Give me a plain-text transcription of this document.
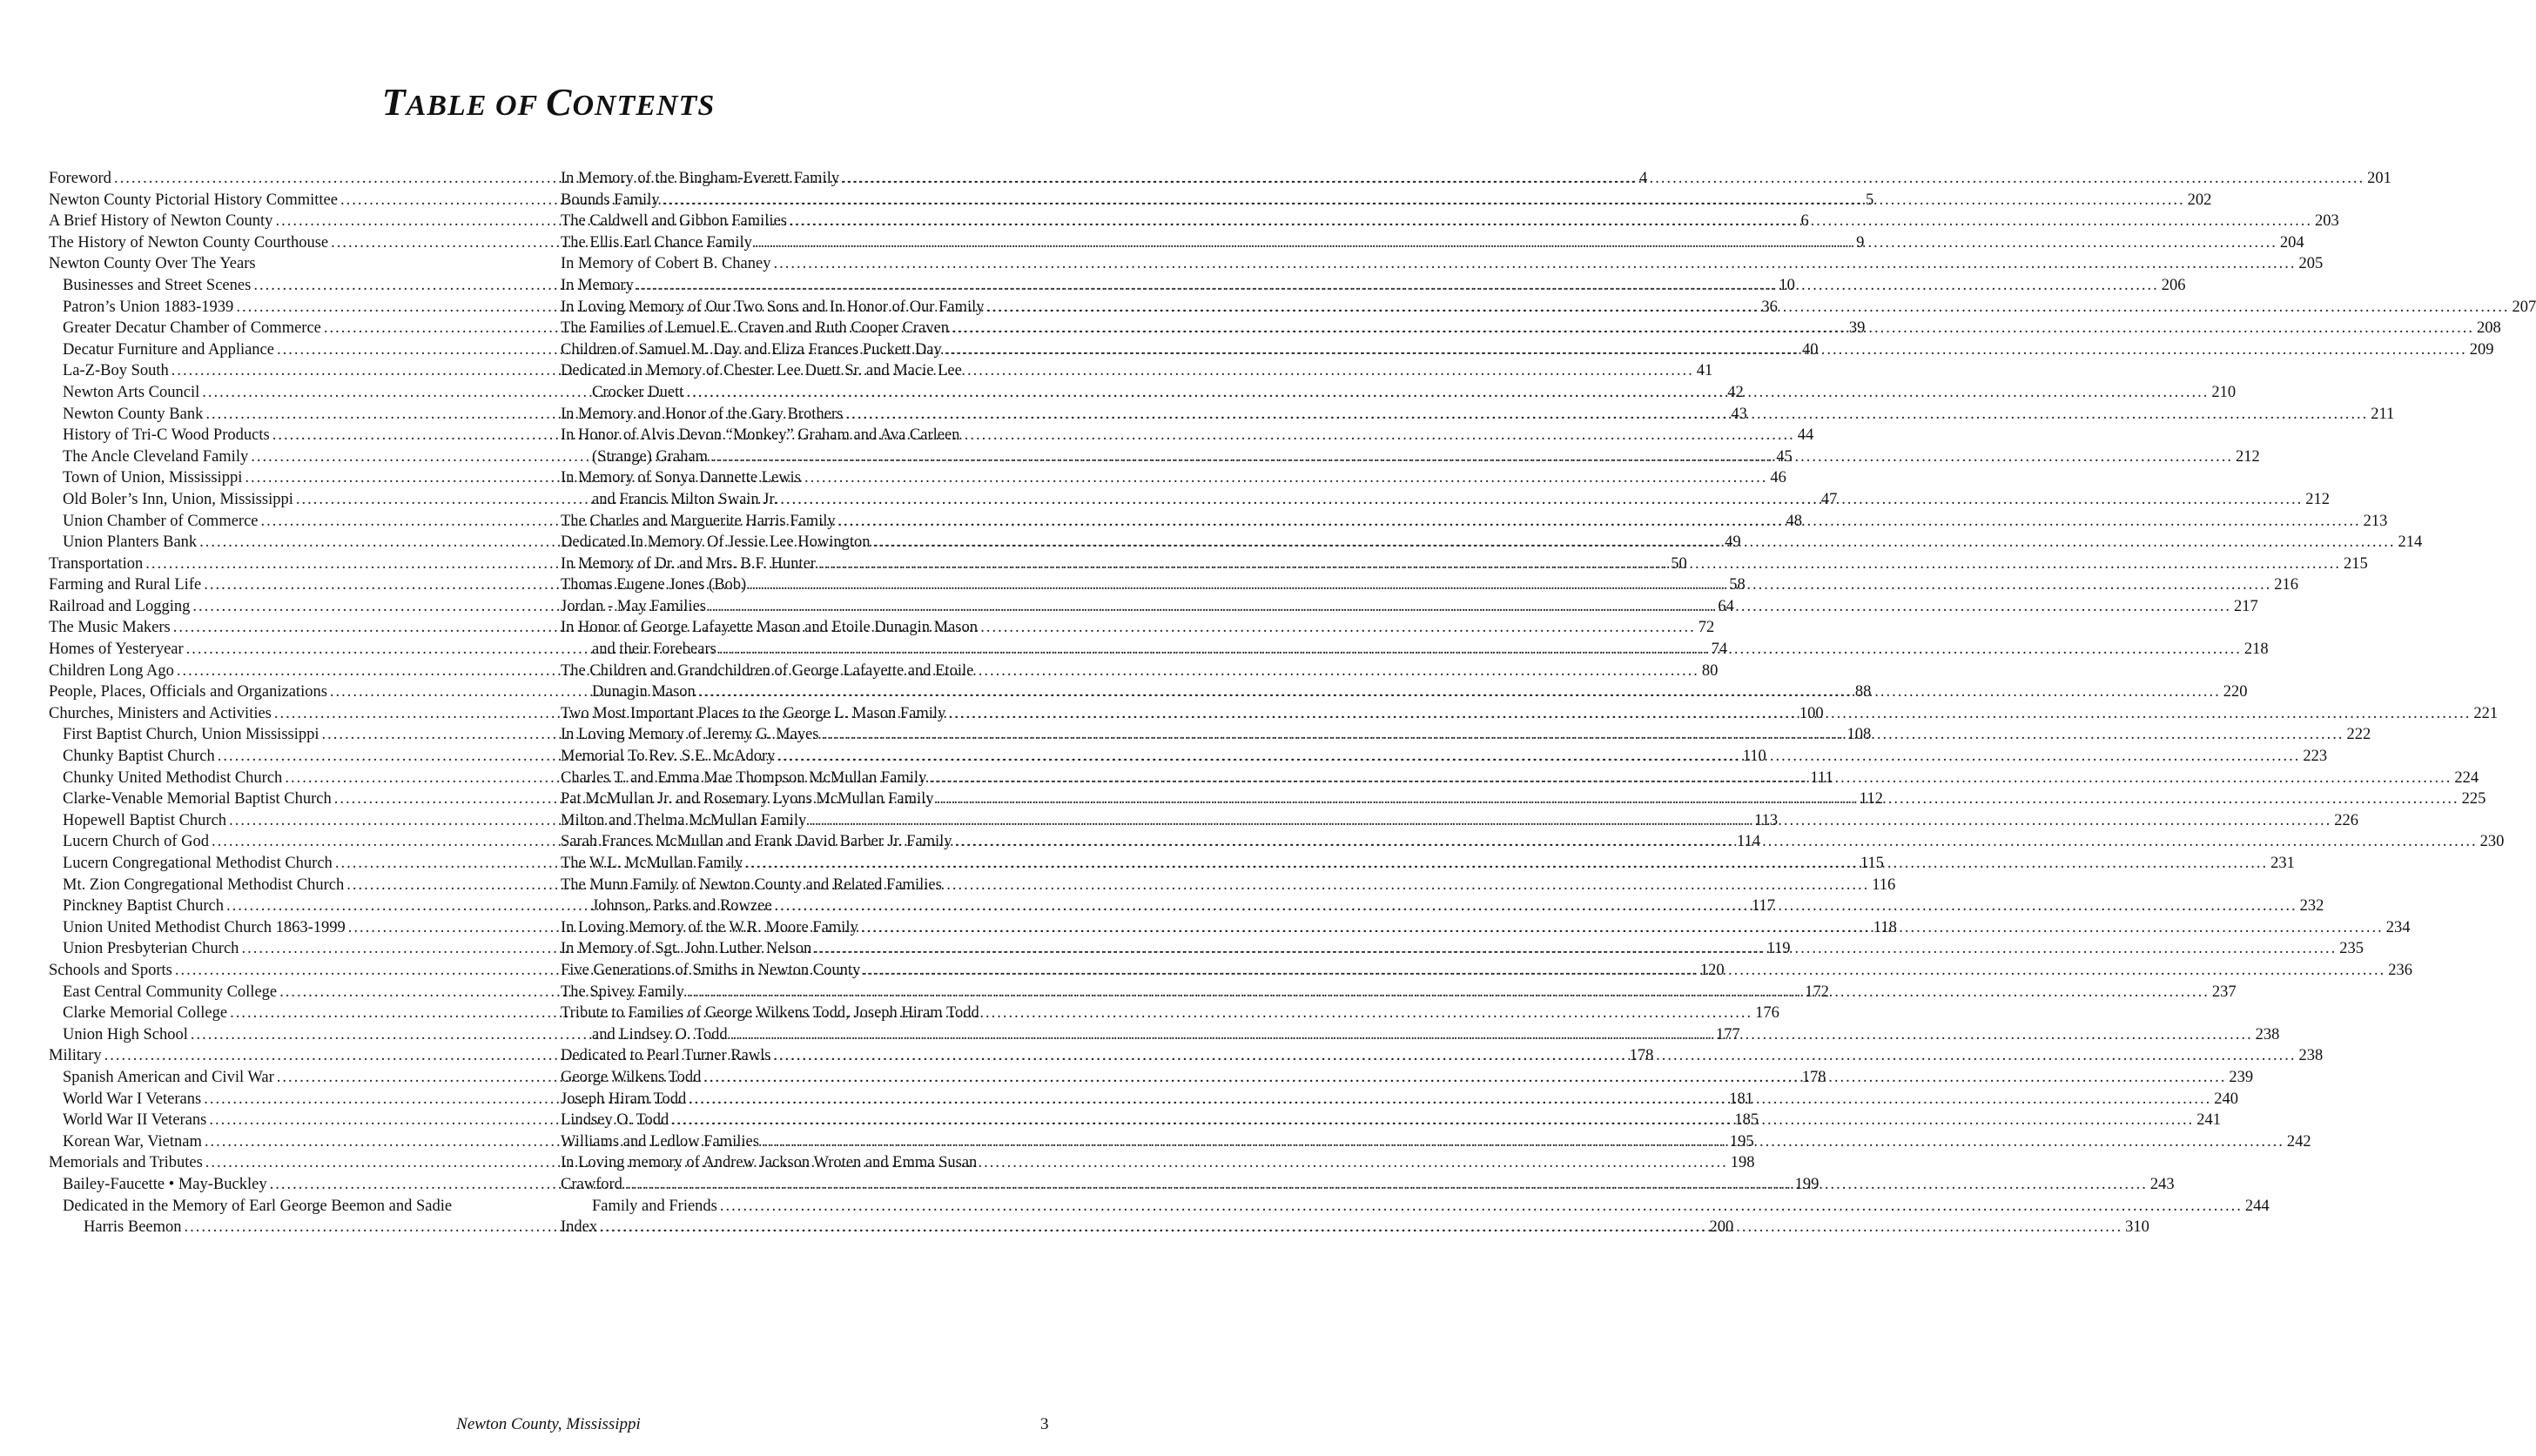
TABLE OF CONTENTS
Foreword .....	4
Newton County Pictorial History Committee .....	5
A Brief History of Newton County .....	6
The History of Newton County Courthouse .....	9
Newton County Over The Years
Businesses and Street Scenes .....	10
Patron’s Union 1883-1939 .....	36
Greater Decatur Chamber of Commerce .....	39
Decatur Furniture and Appliance .....	40
La-Z-Boy South .....	41
Newton Arts Council .....	42
Newton County Bank .....	43
History of Tri-C Wood Products .....	44
The Ancle Cleveland Family .....	45
Town of Union, Mississippi .....	46
Old Boler’s Inn, Union, Mississippi .....	47
Union Chamber of Commerce .....	48
Union Planters Bank .....	49
Transportation .....	50
Farming and Rural Life .....	58
Railroad and Logging .....	64
The Music Makers .....	72
Homes of Yesteryear .....	74
Children Long Ago .....	80
People, Places, Officials and Organizations .....	88
Churches, Ministers and Activities .....	100
First Baptist Church, Union Mississippi .....	108
Chunky Baptist Church .....	110
Chunky United Methodist Church .....	111
Clarke-Venable Memorial Baptist Church .....	112
Hopewell Baptist Church .....	113
Lucern Church of God .....	114
Lucern Congregational Methodist Church .....	115
Mt. Zion Congregational Methodist Church .....	116
Pinckney Baptist Church .....	117
Union United Methodist Church 1863-1999 .....	118
Union Presbyterian Church .....	119
Schools and Sports .....	120
East Central Community College .....	172
Clarke Memorial College .....	176
Union High School .....	177
Military .....	178
Spanish American and Civil War .....	178
World War I Veterans .....	181
World War II Veterans .....	185
Korean War, Vietnam .....	195
Memorials and Tributes .....	198
Bailey-Faucette • May-Buckley .....	199
Dedicated in the Memory of Earl George Beemon and Sadie
Harris Beemon .....	200
In Memory of the Bingham-Everett Family .....	201
Bounds Family .....	202
The Caldwell and Gibbon Families .....	203
The Ellis Earl Chance Family .....	204
In Memory of Cobert B. Chaney .....	205
In Memory .....	206
In Loving Memory of Our Two Sons and In Honor of Our Family .....	207
The Families of Lemuel E. Craven and Ruth Cooper Craven .....	208
Children of Samuel M. Day and Eliza Frances Puckett Day .....	209
Dedicated in Memory of Chester Lee Duett Sr. and Macie Lee
Crocker Duett .....	210
In Memory and Honor of the Gary Brothers .....	211
In Honor of Alvis Devon “Monkey” Graham and Ava Carleen
(Strange) Graham .....	212
In Memory of Sonya Dannette Lewis
and Francis Milton Swain Jr. .....	212
The Charles and Marguerite Harris Family .....	213
Dedicated In Memory Of Jessie Lee Howington .....	214
In Memory of Dr. and Mrs. B.F. Hunter .....	215
Thomas Eugene Jones (Bob) .....	216
Jordan - May Families .....	217
In Honor of George Lafayette Mason and Etoile Dunagin Mason
and their Forebears .....	218
The Children and Grandchildren of George Lafayette and Etoile
Dunagin Mason .....	220
Two Most Important Places to the George L. Mason Family .....	221
In Loving Memory of Jeremy G. Mayes .....	222
Memorial To Rev. S.E. McAdory .....	223
Charles T. and Emma Mae Thompson McMullan Family .....	224
Pat McMullan Jr. and Rosemary Lyons McMullan Family .....	225
Milton and Thelma McMullan Family .....	226
Sarah Frances McMullan and Frank David Barber Jr. Family .....	230
The W.L. McMullan Family .....	231
The Munn Family of Newton County and Related Families
Johnson, Parks and Rowzee .....	232
In Loving Memory of the W.R. Moore Family .....	234
In Memory of Sgt. John Luther Nelson .....	235
Five Generations of Smiths in Newton County .....	236
The Spivey Family .....	237
Tribute to Families of George Wilkens Todd, Joseph Hiram Todd
and Lindsey O. Todd .....	238
Dedicated to Pearl Turner Rawls .....	238
George Wilkens Todd .....	239
Joseph Hiram Todd .....	240
Lindsey O. Todd .....	241
Williams and Ledlow Families .....	242
In Loving memory of Andrew Jackson Wroten and Emma Susan
Crawford .....	243
Family and Friends .....	244
Index .....	310
Newton County, Mississippi	3
